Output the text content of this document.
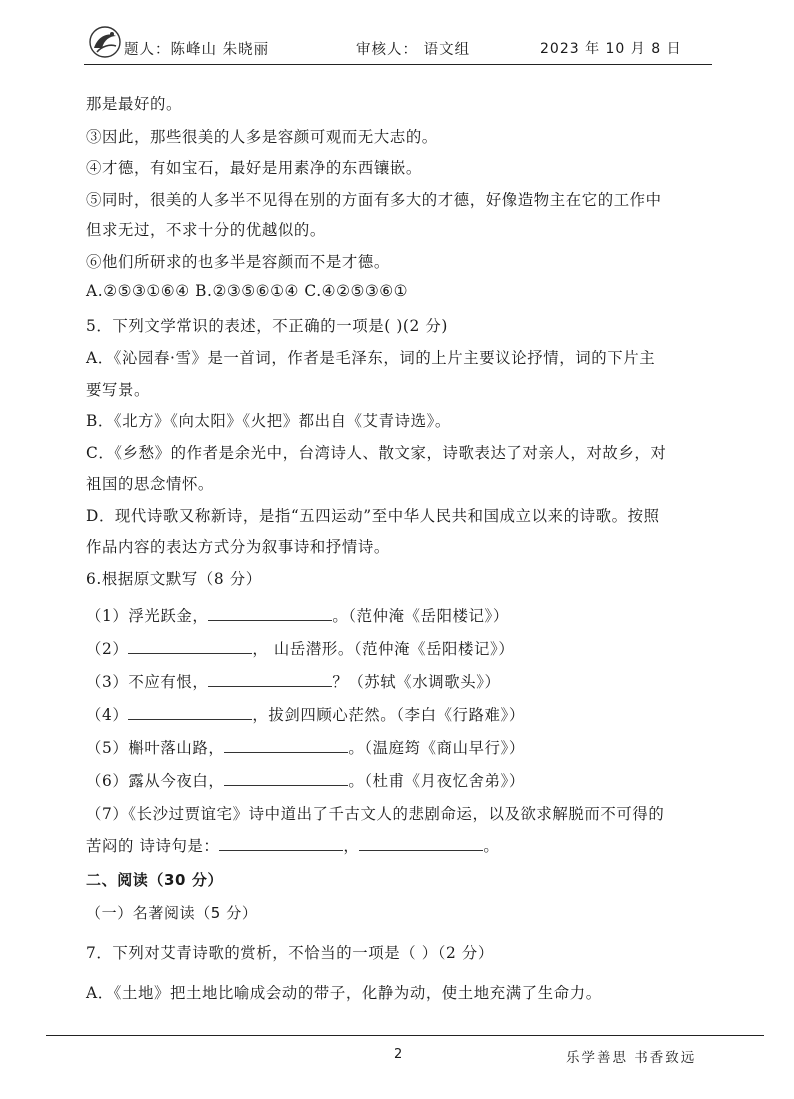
题人：陈峰山 朱晓丽	审核人： 语文组	2023 年 10 月 8 日
那是最好的。
③因此，那些很美的人多是容颜可观而无大志的。
④才德，有如宝石，最好是用素净的东西镶嵌。
⑤同时，很美的人多半不见得在别的方面有多大的才德，好像造物主在它的工作中
但求无过，不求十分的优越似的。
⑥他们所研求的也多半是容颜而不是才德。
A.②⑤③①⑥④ B.②③⑤⑥①④ C.④②⑤③⑥①
5．下列文学常识的表述，不正确的一项是( )(2 分)
A．《沁园春·雪》是一首词，作者是毛泽东，词的上片主要议论抒情，词的下片主
要写景。
B．《北方》《向太阳》《火把》都出自《艾青诗选》。
C．《乡愁》的作者是余光中，台湾诗人、散文家，诗歌表达了对亲人，对故乡，对
祖国的思念情怀。
D．现代诗歌又称新诗，是指“五四运动”至中华人民共和国成立以来的诗歌。按照
作品内容的表达方式分为叙事诗和抒情诗。
6.根据原文默写（8 分）
（1）浮光跃金，	。（范仲淹《岳阳楼记》）
（2）	， 山岳潜形。（范仲淹《岳阳楼记》）
（3）不应有恨，	？（苏轼《水调歌头》）
（4）	，拔剑四顾心茫然。（李白《行路难》）
（5）槲叶落山路，	。（温庭筠《商山早行》）
（6）露从今夜白，	。（杜甫《月夜忆舍弟》）
（7）《长沙过贾谊宅》诗中道出了千古文人的悲剧命运，以及欲求解脱而不可得的
苦闷的 诗诗句是：	，	。
二、阅读（30 分）
（一）名著阅读（5 分）
7．下列对艾青诗歌的赏析，不恰当的一项是（ ）（2 分）
A．《土地》把土地比喻成会动的带子，化静为动，使土地充满了生命力。
2	乐学善思 书香致远
